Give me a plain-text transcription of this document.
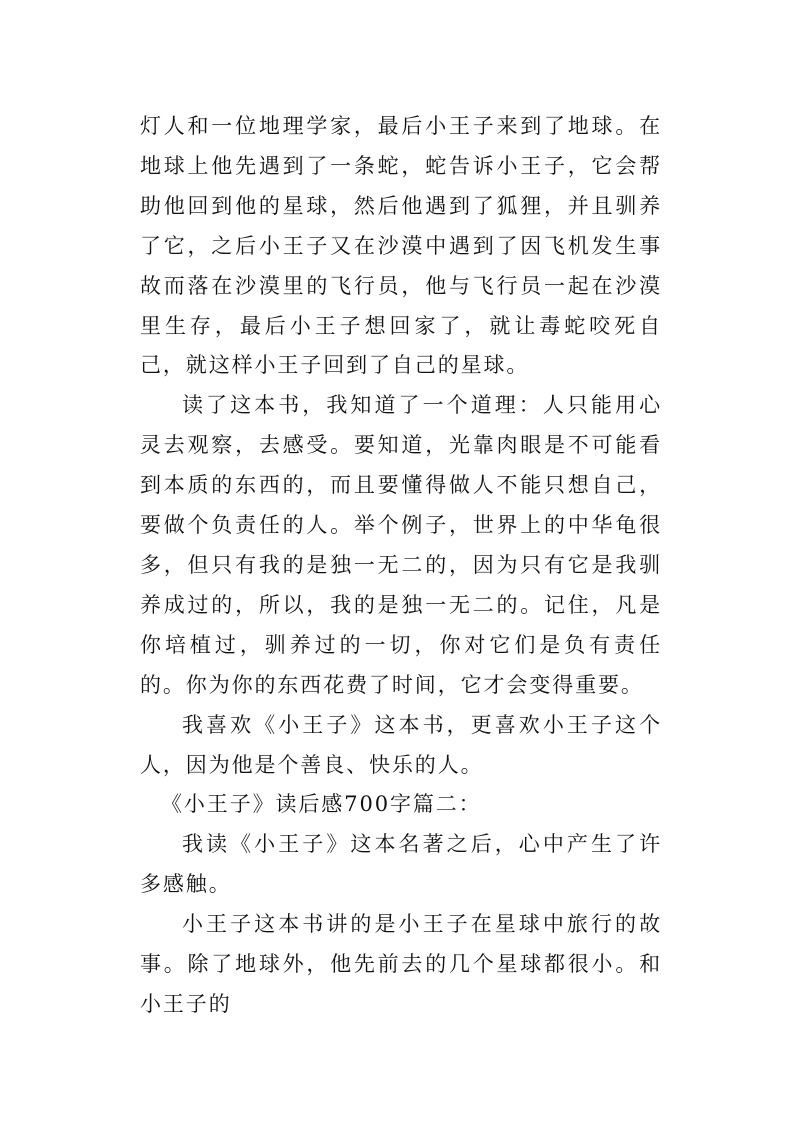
灯人和一位地理学家，最后小王子来到了地球。在地球上他先遇到了一条蛇，蛇告诉小王子，它会帮助他回到他的星球，然后他遇到了狐狸，并且驯养了它，之后小王子又在沙漠中遇到了因飞机发生事故而落在沙漠里的飞行员，他与飞行员一起在沙漠里生存，最后小王子想回家了，就让毒蛇咬死自己，就这样小王子回到了自己的星球。

读了这本书，我知道了一个道理：人只能用心灵去观察，去感受。要知道，光靠肉眼是不可能看到本质的东西的，而且要懂得做人不能只想自己，要做个负责任的人。举个例子，世界上的中华龟很多，但只有我的是独一无二的，因为只有它是我驯养成过的，所以，我的是独一无二的。记住，凡是你培植过，驯养过的一切，你对它们是负有责任的。你为你的东西花费了时间，它才会变得重要。

我喜欢《小王子》这本书，更喜欢小王子这个人，因为他是个善良、快乐的人。

《小王子》读后感700字篇二：

我读《小王子》这本名著之后，心中产生了许多感触。

小王子这本书讲的是小王子在星球中旅行的故事。除了地球外，他先前去的几个星球都很小。和小王子的
